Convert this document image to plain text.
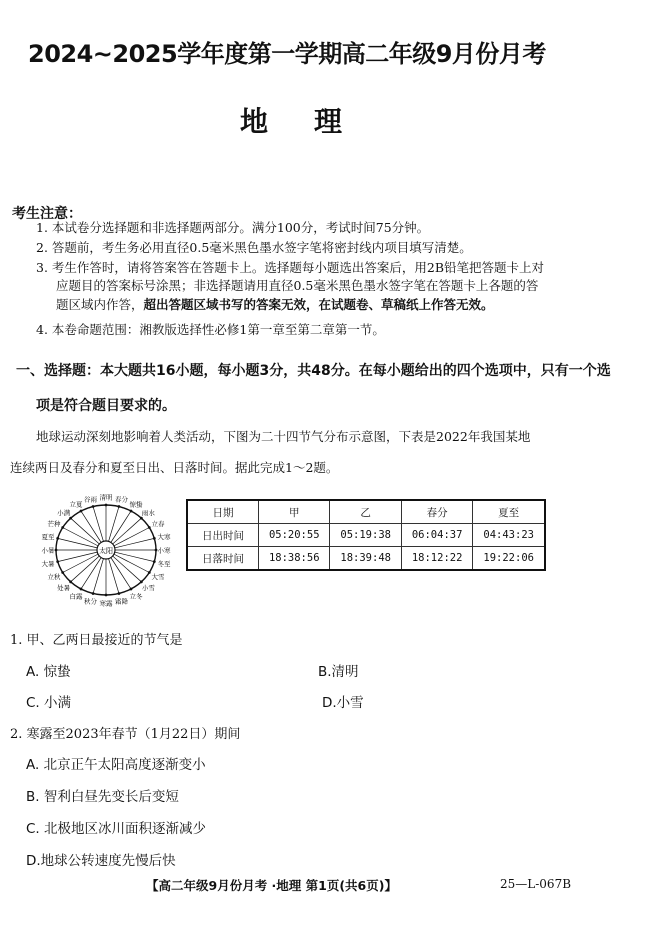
2024~2025学年度第一学期高二年级9月份月考
地理
考生注意：
1. 本试卷分选择题和非选择题两部分。满分100分，考试时间75分钟。
2. 答题前，考生务必用直径0.5毫米黑色墨水签字笔将密封线内项目填写清楚。
3. 考生作答时，请将答案答在答题卡上。选择题每小题选出答案后，用2B铅笔把答题卡上对
应题目的答案标号涂黑；非选择题请用直径0.5毫米黑色墨水签字笔在答题卡上各题的答
题区域内作答，超出答题区域书写的答案无效，在试题卷、草稿纸上作答无效。
4. 本卷命题范围：湘教版选择性必修1第一章至第二章第一节。
一、选择题：本大题共16小题，每小题3分，共48分。在每小题给出的四个选项中，只有一个选
项是符合题目要求的。
地球运动深刻地影响着人类活动，下图为二十四节气分布示意图，下表是2022年我国某地
连续两日及春分和夏至日出、日落时间。据此完成1～2题。
太阳
谷雨 清明 春分
惊蛰
雨水
立春
大寒
小寒
冬至
大雪
小雪
立冬
霜降
寒露
秋分
白露
处暑
立秋
大暑
小暑
夏至
芒种
小满
立夏
日期	甲	乙	春分	夏至
日出时间	05:20:55	05:19:38	06:04:37	04:43:23
日落时间	18:38:56	18:39:48	18:12:22	19:22:06
1. 甲、乙两日最接近的节气是
A. 惊蛰	B.清明
C. 小满	D.小雪
2. 寒露至2023年春节（1月22日）期间
A. 北京正午太阳高度逐渐变小
B. 智利白昼先变长后变短
C. 北极地区冰川面积逐渐减少
D.地球公转速度先慢后快
【高二年级9月份月考 ·地理 第1页(共6页)】	25—L-067B
